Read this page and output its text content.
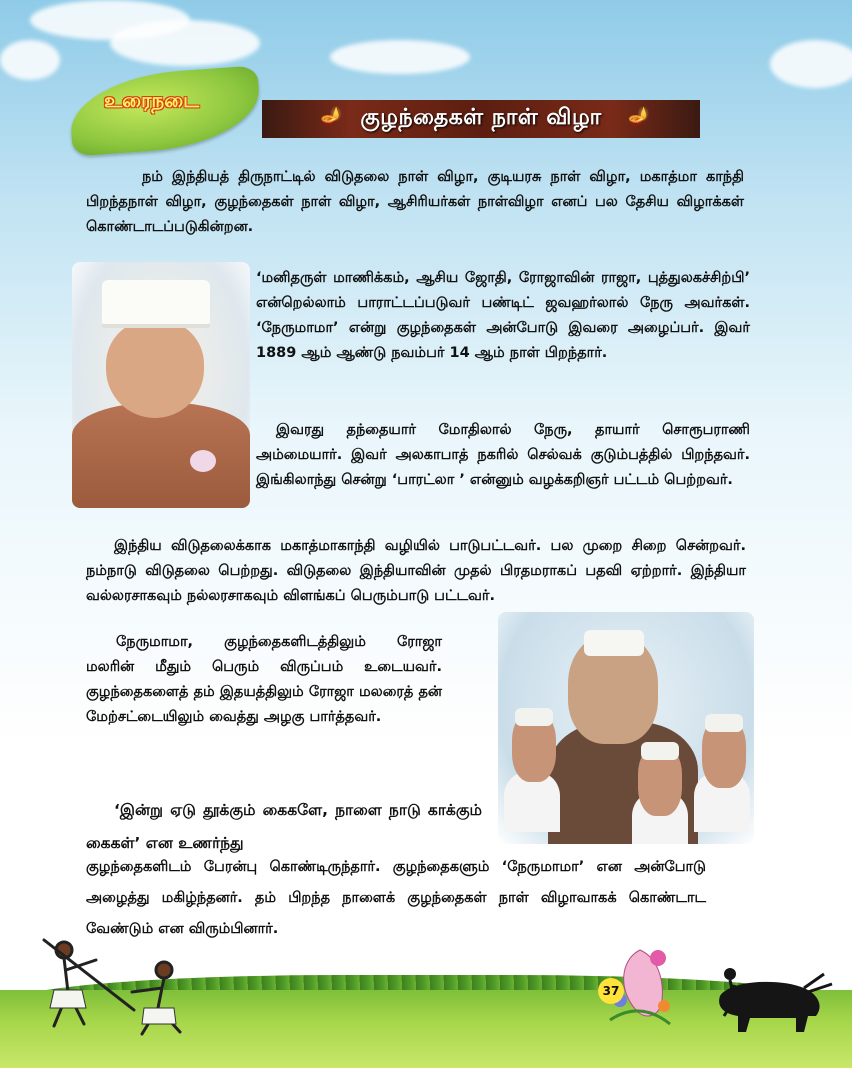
உரைநடை
🪔 குழந்தைகள் நாள் விழா 🪔
நம் இந்தியத் திருநாட்டில் விடுதலை நாள் விழா, குடியரசு நாள் விழா, மகாத்மா காந்தி பிறந்தநாள் விழா, குழந்தைகள் நாள் விழா, ஆசிரியர்கள் நாள்விழா எனப் பல தேசிய விழாக்கள் கொண்டாடப்படுகின்றன.
‘மனிதருள் மாணிக்கம், ஆசிய ஜோதி, ரோஜாவின் ராஜா, புத்துலகச்சிற்பி’ என்றெல்லாம் பாராட்டப்படுவர் பண்டிட் ஜவஹர்லால் நேரு அவர்கள். ‘நேருமாமா’ என்று குழந்தைகள் அன்போடு இவரை அழைப்பர். இவர் 1889 ஆம் ஆண்டு நவம்பர் 14 ஆம் நாள் பிறந்தார்.
இவரது தந்தையார் மோதிலால் நேரு, தாயார் சொரூபராணி அம்மையார். இவர் அலகாபாத் நகரில் செல்வக் குடும்பத்தில் பிறந்தவர். இங்கிலாந்து சென்று ‘பாரட்லா ’ என்னும் வழக்கறிஞர் பட்டம் பெற்றவர்.
இந்திய விடுதலைக்காக மகாத்மாகாந்தி வழியில் பாடுபட்டவர். பல முறை சிறை சென்றவர். நம்நாடு விடுதலை பெற்றது. விடுதலை இந்தியாவின் முதல் பிரதமராகப் பதவி ஏற்றார். இந்தியா வல்லரசாகவும் நல்லரசாகவும் விளங்கப் பெரும்பாடு பட்டவர்.
நேருமாமா, குழந்தைகளிடத்திலும் ரோஜா மலரின் மீதும் பெரும் விருப்பம் உடையவர். குழந்தைகளைத் தம் இதயத்திலும் ரோஜா மலரைத் தன் மேற்சட்டையிலும் வைத்து அழகு பார்த்தவர்.
‘இன்று ஏடு தூக்கும் கைகளே, நாளை நாடு காக்கும் கைகள்’ என உணர்ந்து
குழந்தைகளிடம் பேரன்பு கொண்டிருந்தார். குழந்தைகளும் ‘நேருமாமா’ என அன்போடு அழைத்து மகிழ்ந்தனர். தம் பிறந்த நாளைக் குழந்தைகள் நாள் விழாவாகக் கொண்டாட வேண்டும் என விரும்பினார்.
37
